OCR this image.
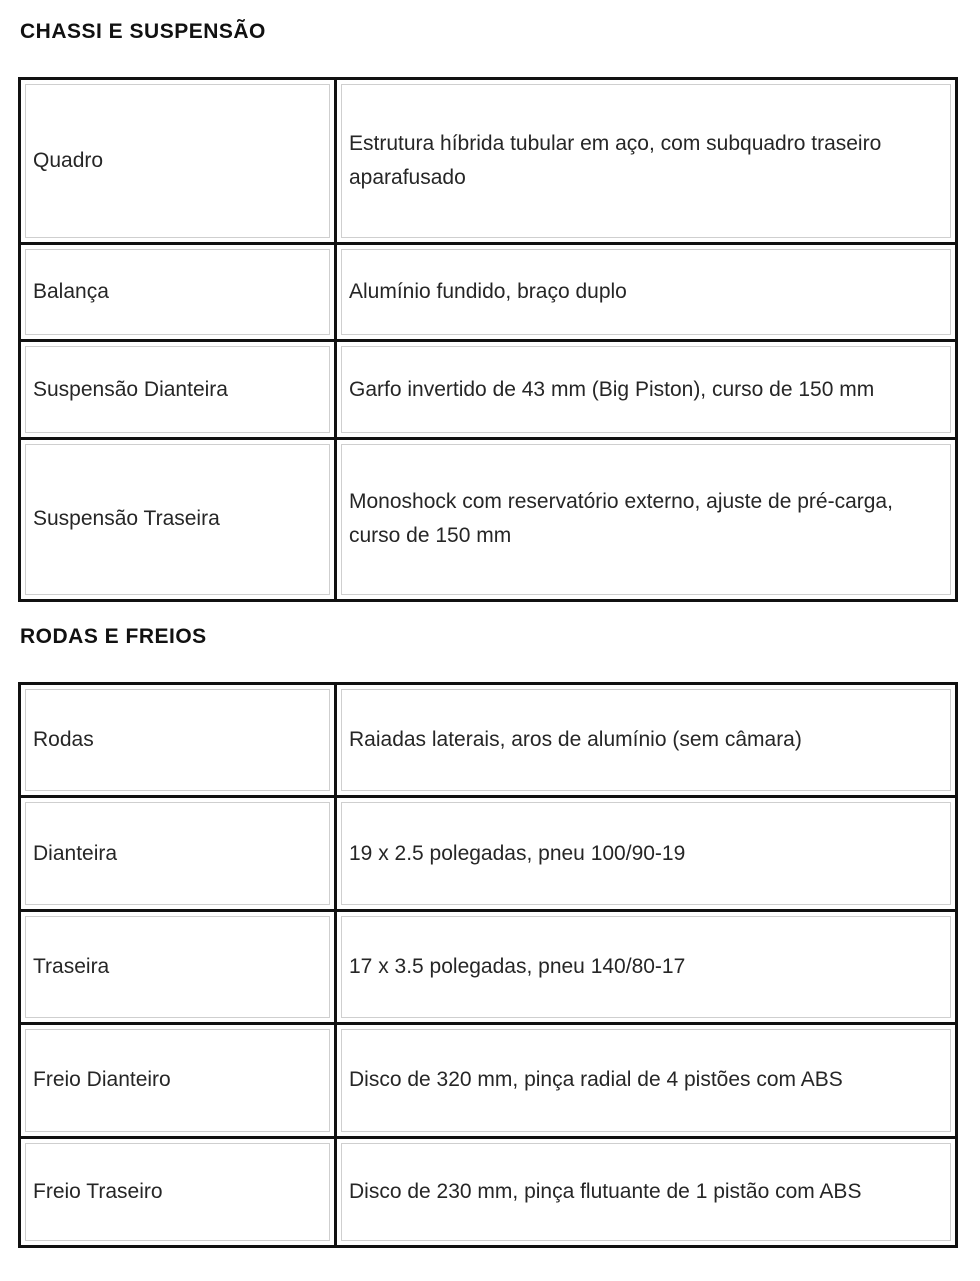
CHASSI E SUSPENSÃO
Quadro	Estrutura híbrida tubular em aço, com subquadro traseiro aparafusado
Balança	Alumínio fundido, braço duplo
Suspensão Dianteira	Garfo invertido de 43 mm (Big Piston), curso de 150 mm
Suspensão Traseira	Monoshock com reservatório externo, ajuste de pré-carga, curso de 150 mm
RODAS E FREIOS
Rodas	Raiadas laterais, aros de alumínio (sem câmara)
Dianteira	19 x 2.5 polegadas, pneu 100/90-19
Traseira	17 x 3.5 polegadas, pneu 140/80-17
Freio Dianteiro	Disco de 320 mm, pinça radial de 4 pistões com ABS
Freio Traseiro	Disco de 230 mm, pinça flutuante de 1 pistão com ABS
